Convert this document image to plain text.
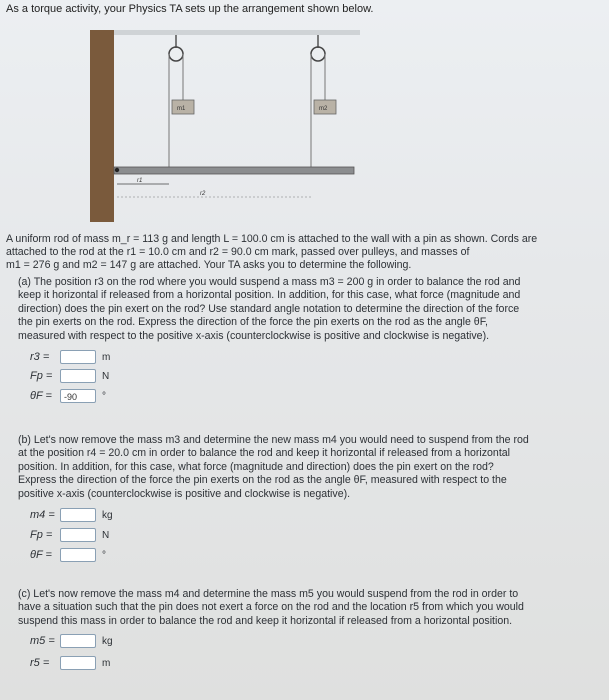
As a torque activity, your Physics TA sets up the arrangement shown below.
m1	m2
r1
r2
A uniform rod of mass m_r = 113 g and length L = 100.0 cm is attached to the wall with a pin as shown. Cords are
attached to the rod at the r1 = 10.0 cm and r2 = 90.0 cm mark, passed over pulleys, and masses of
m1 = 276 g and m2 = 147 g are attached. Your TA asks you to determine the following.
(a) The position r3 on the rod where you would suspend a mass m3 = 200 g in order to balance the rod and
keep it horizontal if released from a horizontal position. In addition, for this case, what force (magnitude and
direction) does the pin exert on the rod? Use standard angle notation to determine the direction of the force
the pin exerts on the rod. Express the direction of the force the pin exerts on the rod as the angle θF,
measured with respect to the positive x-axis (counterclockwise is positive and clockwise is negative).
r3 =	m
Fp =	N
θF =	-90	°
(b) Let's now remove the mass m3 and determine the new mass m4 you would need to suspend from the rod
at the position r4 = 20.0 cm in order to balance the rod and keep it horizontal if released from a horizontal
position. In addition, for this case, what force (magnitude and direction) does the pin exert on the rod?
Express the direction of the force the pin exerts on the rod as the angle θF, measured with respect to the
positive x-axis (counterclockwise is positive and clockwise is negative).
m4 =	kg
Fp =	N
θF =	°
(c) Let's now remove the mass m4 and determine the mass m5 you would suspend from the rod in order to
have a situation such that the pin does not exert a force on the rod and the location r5 from which you would
suspend this mass in order to balance the rod and keep it horizontal if released from a horizontal position.
m5 =	kg
r5 =	m
